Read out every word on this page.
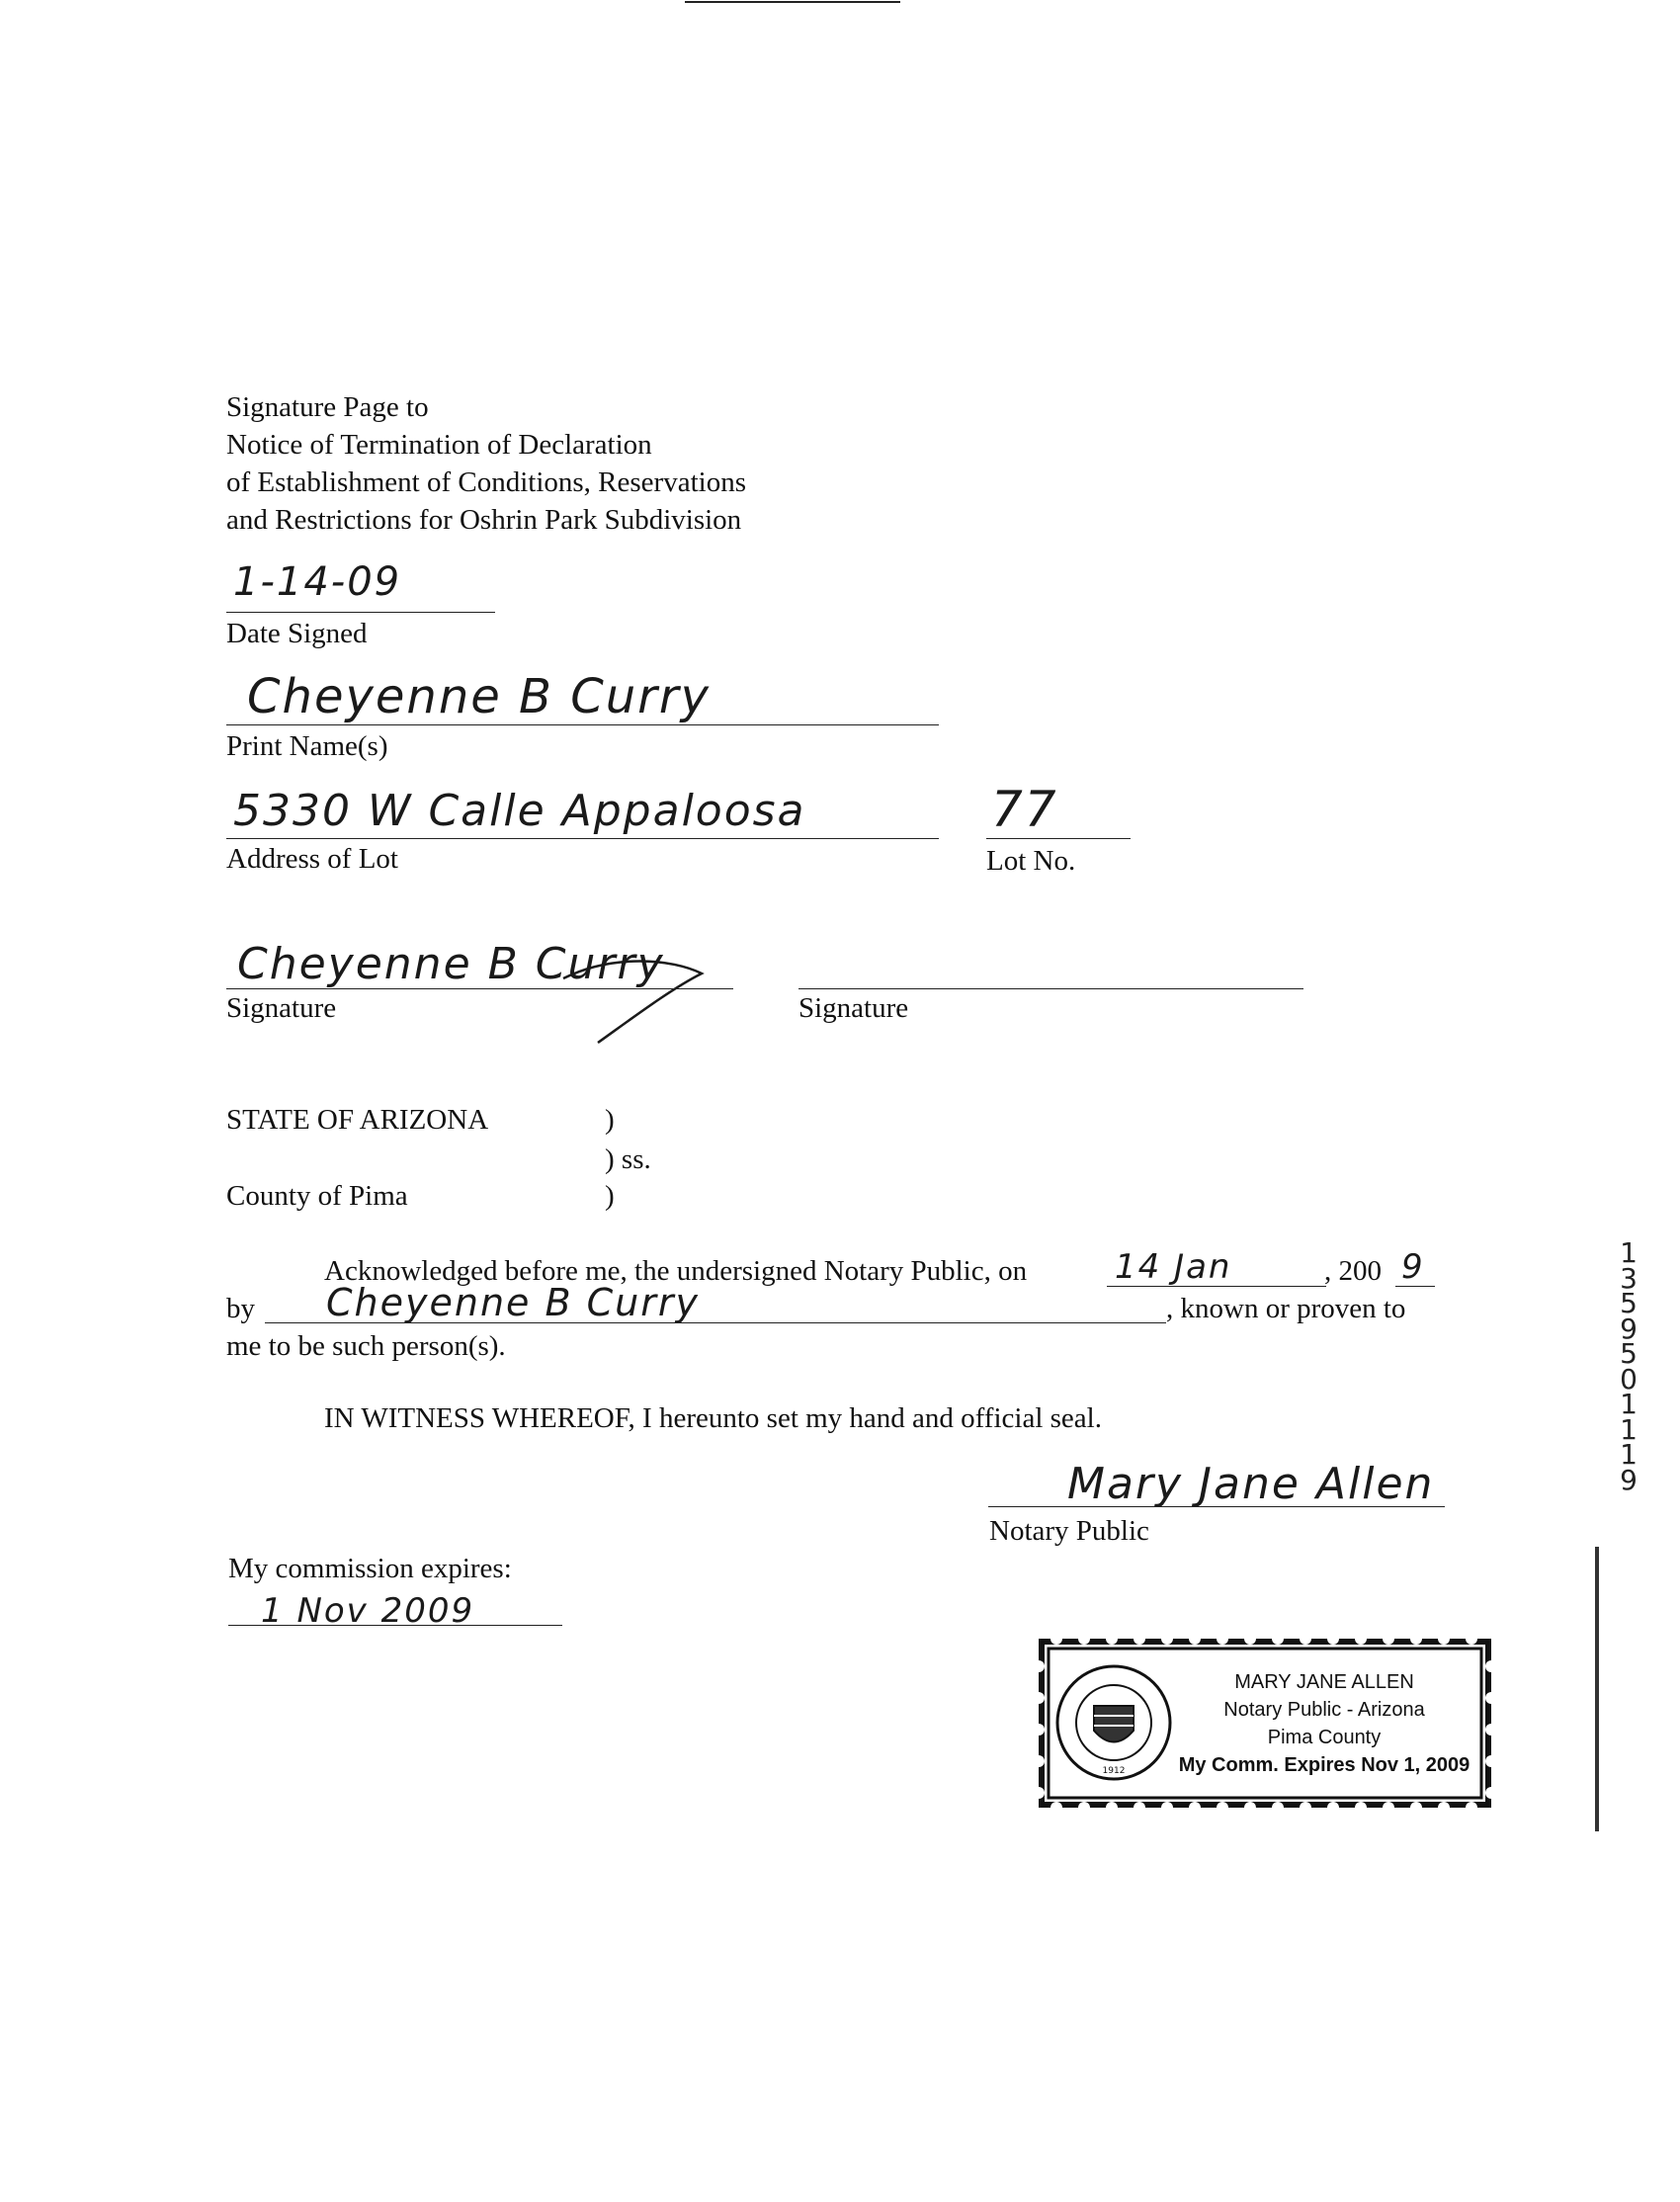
Signature Page to
Notice of Termination of Declaration
of Establishment of Conditions, Reservations
and Restrictions for Oshrin Park Subdivision
1-14-09
Date Signed
Cheyenne B Curry
Print Name(s)
5330 W Calle Appaloosa
Address of Lot
77
Lot No.
Cheyenne B Curry
Signature	Signature
STATE OF ARIZONA	)
) ss.
County of Pima	)
Acknowledged before me, the undersigned Notary Public, on	14 Jan	, 200 9
by Cheyenne B Curry	, known or proven to
me to be such person(s).
IN WITNESS WHEREOF, I hereunto set my hand and official seal.
Mary Jane Allen
Notary Public
My commission expires:
1 Nov 2009
1912
MARY JANE ALLEN
Notary Public - Arizona
Pima County
My Comm. Expires Nov 1, 2009
1
3
5
9
5
0
1
1
1
9
